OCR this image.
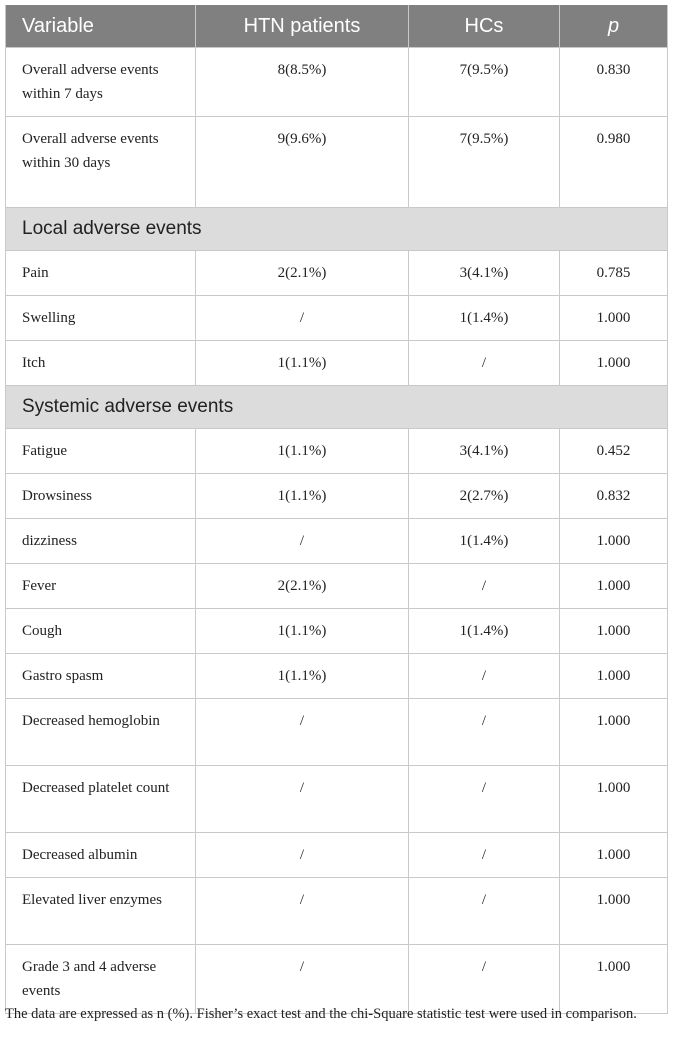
Variable	HTN patients	HCs	p
Overall adverse events within 7 days	8(8.5%)	7(9.5%)	0.830
Overall adverse events within 30 days	9(9.6%)	7(9.5%)	0.980
Local adverse events			
Pain	2(2.1%)	3(4.1%)	0.785
Swelling	/	1(1.4%)	1.000
Itch	1(1.1%)	/	1.000
Systemic adverse events			
Fatigue	1(1.1%)	3(4.1%)	0.452
Drowsiness	1(1.1%)	2(2.7%)	0.832
dizziness	/	1(1.4%)	1.000
Fever	2(2.1%)	/	1.000
Cough	1(1.1%)	1(1.4%)	1.000
Gastro spasm	1(1.1%)	/	1.000
Decreased hemoglobin	/	/	1.000
Decreased platelet count	/	/	1.000
Decreased albumin	/	/	1.000
Elevated liver enzymes	/	/	1.000
Grade 3 and 4 adverse events	/	/	1.000
The data are expressed as n (%). Fisher’s exact test and the chi-Square statistic test were used in comparison.
